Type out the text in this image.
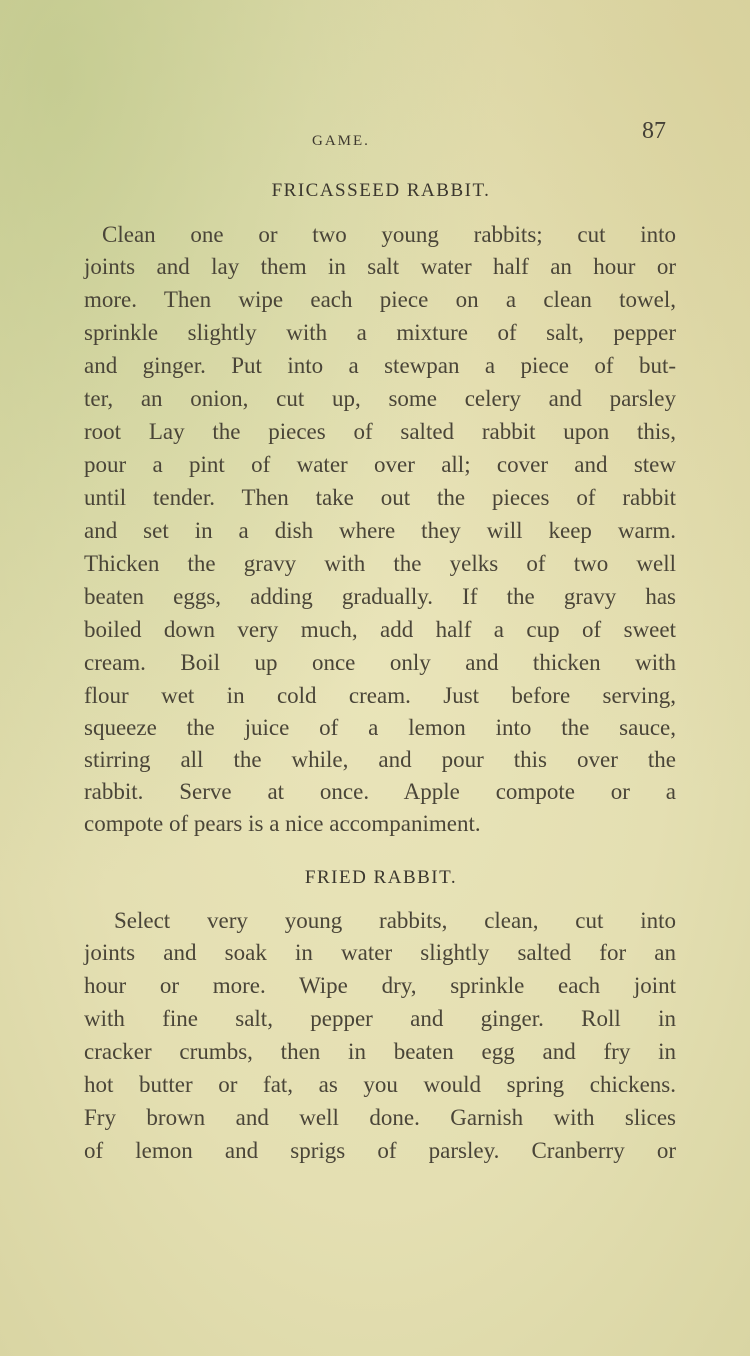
GAME.	87
FRICASSEED RABBIT.
Clean one or two young rabbits; cut into
joints and lay them in salt water half an hour or
more. Then wipe each piece on a clean towel,
sprinkle slightly with a mixture of salt, pepper
and ginger. Put into a stewpan a piece of but-
ter, an onion, cut up, some celery and parsley
root Lay the pieces of salted rabbit upon this,
pour a pint of water over all; cover and stew
until tender. Then take out the pieces of rabbit
and set in a dish where they will keep warm.
Thicken the gravy with the yelks of two well
beaten eggs, adding gradually. If the gravy has
boiled down very much, add half a cup of sweet
cream. Boil up once only and thicken with
flour wet in cold cream. Just before serving,
squeeze the juice of a lemon into the sauce,
stirring all the while, and pour this over the
rabbit. Serve at once. Apple compote or a
compote of pears is a nice accompaniment.
FRIED RABBIT.
Select very young rabbits, clean, cut into
joints and soak in water slightly salted for an
hour or more. Wipe dry, sprinkle each joint
with fine salt, pepper and ginger. Roll in
cracker crumbs, then in beaten egg and fry in
hot butter or fat, as you would spring chickens.
Fry brown and well done. Garnish with slices
of lemon and sprigs of parsley. Cranberry or
